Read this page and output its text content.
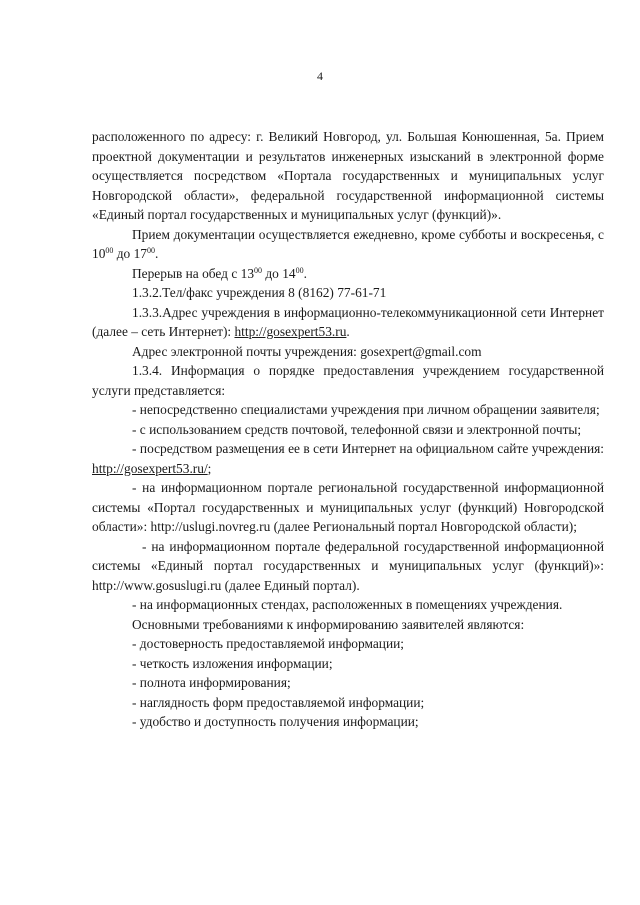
4

расположенного по адресу: г. Великий Новгород, ул. Большая Конюшенная, 5а. Прием проектной документации и результатов инженерных изысканий в электронной форме осуществляется посредством «Портала государственных и муниципальных услуг Новгородской области», федеральной государственной информационной системы «Единый портал государственных и муниципальных услуг (функций)».

Прием документации осуществляется ежедневно, кроме субботы и воскресенья, с $10^{00}$ до $17^{00}$.

Перерыв на обед с $13^{00}$ до $14^{00}$.

1.3.2.Тел/факс учреждения 8 (8162) 77-61-71

1.3.3.Адрес учреждения в информационно-телекоммуникационной сети Интернет (далее – сеть Интернет): http://gosexpert53.ru.

Адрес электронной почты учреждения: gosexpert@gmail.com

1.3.4. Информация о порядке предоставления учреждением государственной услуги представляется:

- непосредственно специалистами учреждения при личном обращении заявителя;

- с использованием средств почтовой, телефонной связи и электронной почты;

- посредством размещения ее в сети Интернет на официальном сайте учреждения: http://gosexpert53.ru/;

- на информационном портале региональной государственной информационной системы «Портал государственных и муниципальных услуг (функций) Новгородской области»: http://uslugi.novreg.ru (далее Региональный портал Новгородской области);

- на информационном портале федеральной государственной информационной системы «Единый портал государственных и муниципальных услуг (функций)»: http://www.gosuslugi.ru (далее Единый портал).

- на информационных стендах, расположенных в помещениях учреждения.

Основными требованиями к информированию заявителей являются:

- достоверность предоставляемой информации;

- четкость изложения информации;

- полнота информирования;

- наглядность форм предоставляемой информации;

- удобство и доступность получения информации;
